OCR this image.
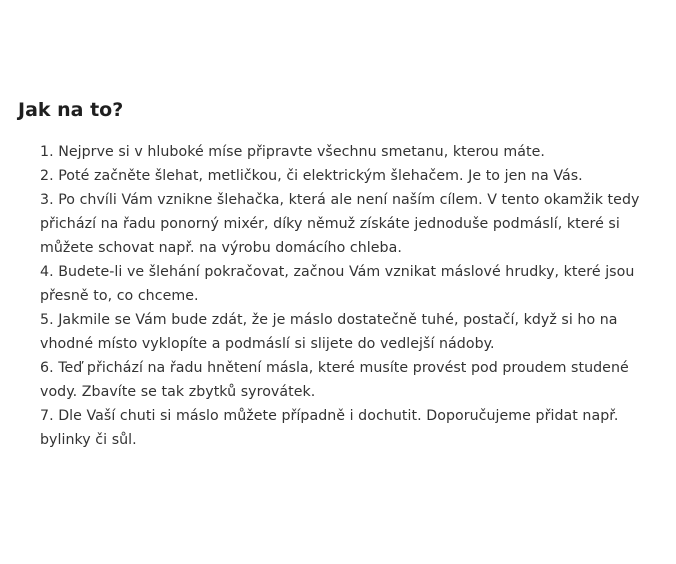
Jak na to?
1. Nejprve si v hluboké míse připravte všechnu smetanu, kterou máte.
2. Poté začněte šlehat, metličkou, či elektrickým šlehačem. Je to jen na Vás.
3. Po chvíli Vám vznikne šlehačka, která ale není naším cílem. V tento okamžik tedy přichází na řadu ponorný mixér, díky němuž získáte jednoduše podmáslí, které si můžete schovat např. na výrobu domácího chleba.
4. Budete-li ve šlehání pokračovat, začnou Vám vznikat máslové hrudky, které jsou přesně to, co chceme.
5. Jakmile se Vám bude zdát, že je máslo dostatečně tuhé, postačí, když si ho na vhodné místo vyklopíte a podmáslí si slijete do vedlejší nádoby.
6. Teď přichází na řadu hnětení másla, které musíte provést pod proudem studené vody. Zbavíte se tak zbytků syrovátek.
7. Dle Vaší chuti si máslo můžete případně i dochutit. Doporučujeme přidat např. bylinky či sůl.
